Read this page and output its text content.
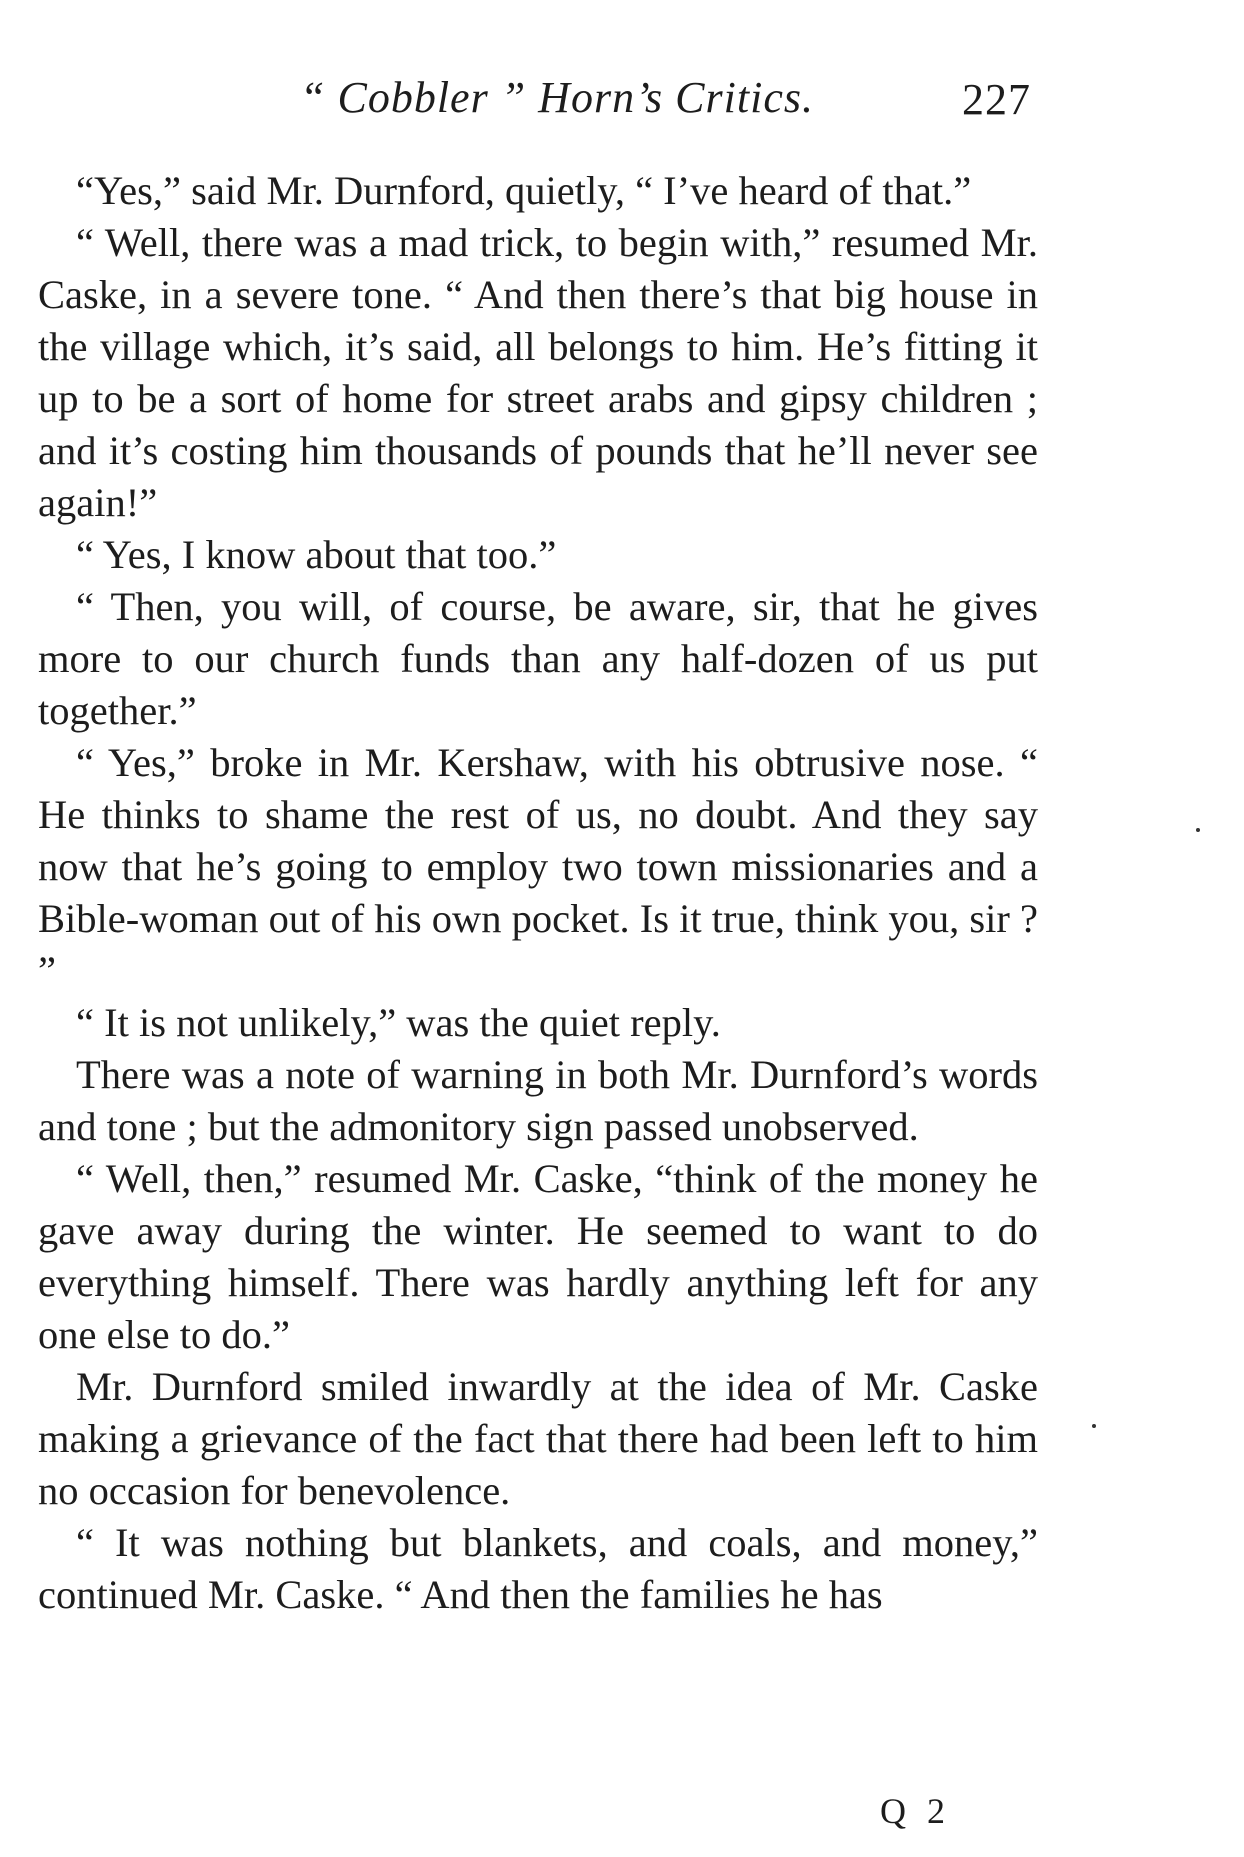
“ Cobbler ” Horn’s Critics.	227

“Yes,” said Mr. Durnford, quietly, “ I’ve heard of that.”

“ Well, there was a mad trick, to begin with,” resumed Mr. Caske, in a severe tone. “ And then there’s that big house in the village which, it’s said, all belongs to him. He’s fitting it up to be a sort of home for street arabs and gipsy children ; and it’s costing him thousands of pounds that he’ll never see again!”

“ Yes, I know about that too.”

“ Then, you will, of course, be aware, sir, that he gives more to our church funds than any half-dozen of us put together.”

“ Yes,” broke in Mr. Kershaw, with his obtrusive nose. “ He thinks to shame the rest of us, no doubt. And they say now that he’s going to employ two town missionaries and a Bible-woman out of his own pocket. Is it true, think you, sir ? ”

“ It is not unlikely,” was the quiet reply.

There was a note of warning in both Mr. Durnford’s words and tone ; but the admonitory sign passed unobserved.

“ Well, then,” resumed Mr. Caske, “think of the money he gave away during the winter. He seemed to want to do everything himself. There was hardly anything left for any one else to do.”

Mr. Durnford smiled inwardly at the idea of Mr. Caske making a grievance of the fact that there had been left to him no occasion for benevolence.

“ It was nothing but blankets, and coals, and money,” continued Mr. Caske. “ And then the families he has

Q 2
